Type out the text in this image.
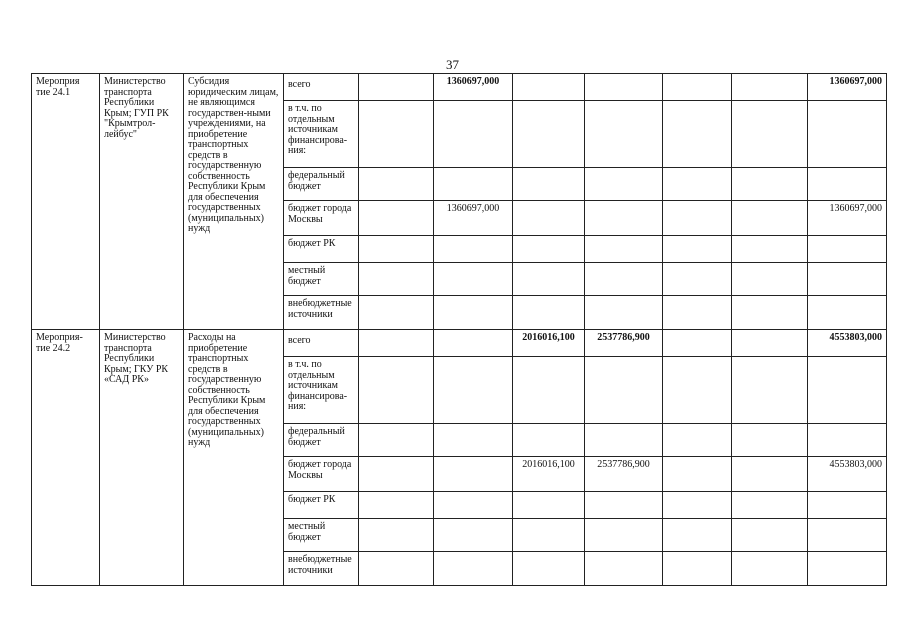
37
Мероприя тие 24.1	Министерство транспорта Республики Крым; ГУП РК "Крымтрол-лейбус"	Субсидия юридическим лицам, не являющимся государствен-ными учреждениями, на приобретение транспортных средств в государственную собственность Республики Крым для обеспечения государственных (муниципальных) нужд	всего		1360697,000					1360697,000
			в т.ч. по отдельным источникам финансирова-ния:							
			федеральный бюджет							
			бюджет города Москвы		1360697,000					1360697,000
			бюджет РК							
			местный бюджет							
			внебюджетные источники							
Мероприя-тие 24.2	Министерство транспорта Республики Крым; ГКУ РК «САД РК»	Расходы на приобретение транспортных средств в государственную собственность Республики Крым для обеспечения государственных (муниципальных) нужд	всего			2016016,100	2537786,900			4553803,000
			в т.ч. по отдельным источникам финансирова-ния:							
			федеральный бюджет							
			бюджет города Москвы			2016016,100	2537786,900			4553803,000
			бюджет РК							
			местный бюджет							
			внебюджетные источники							
